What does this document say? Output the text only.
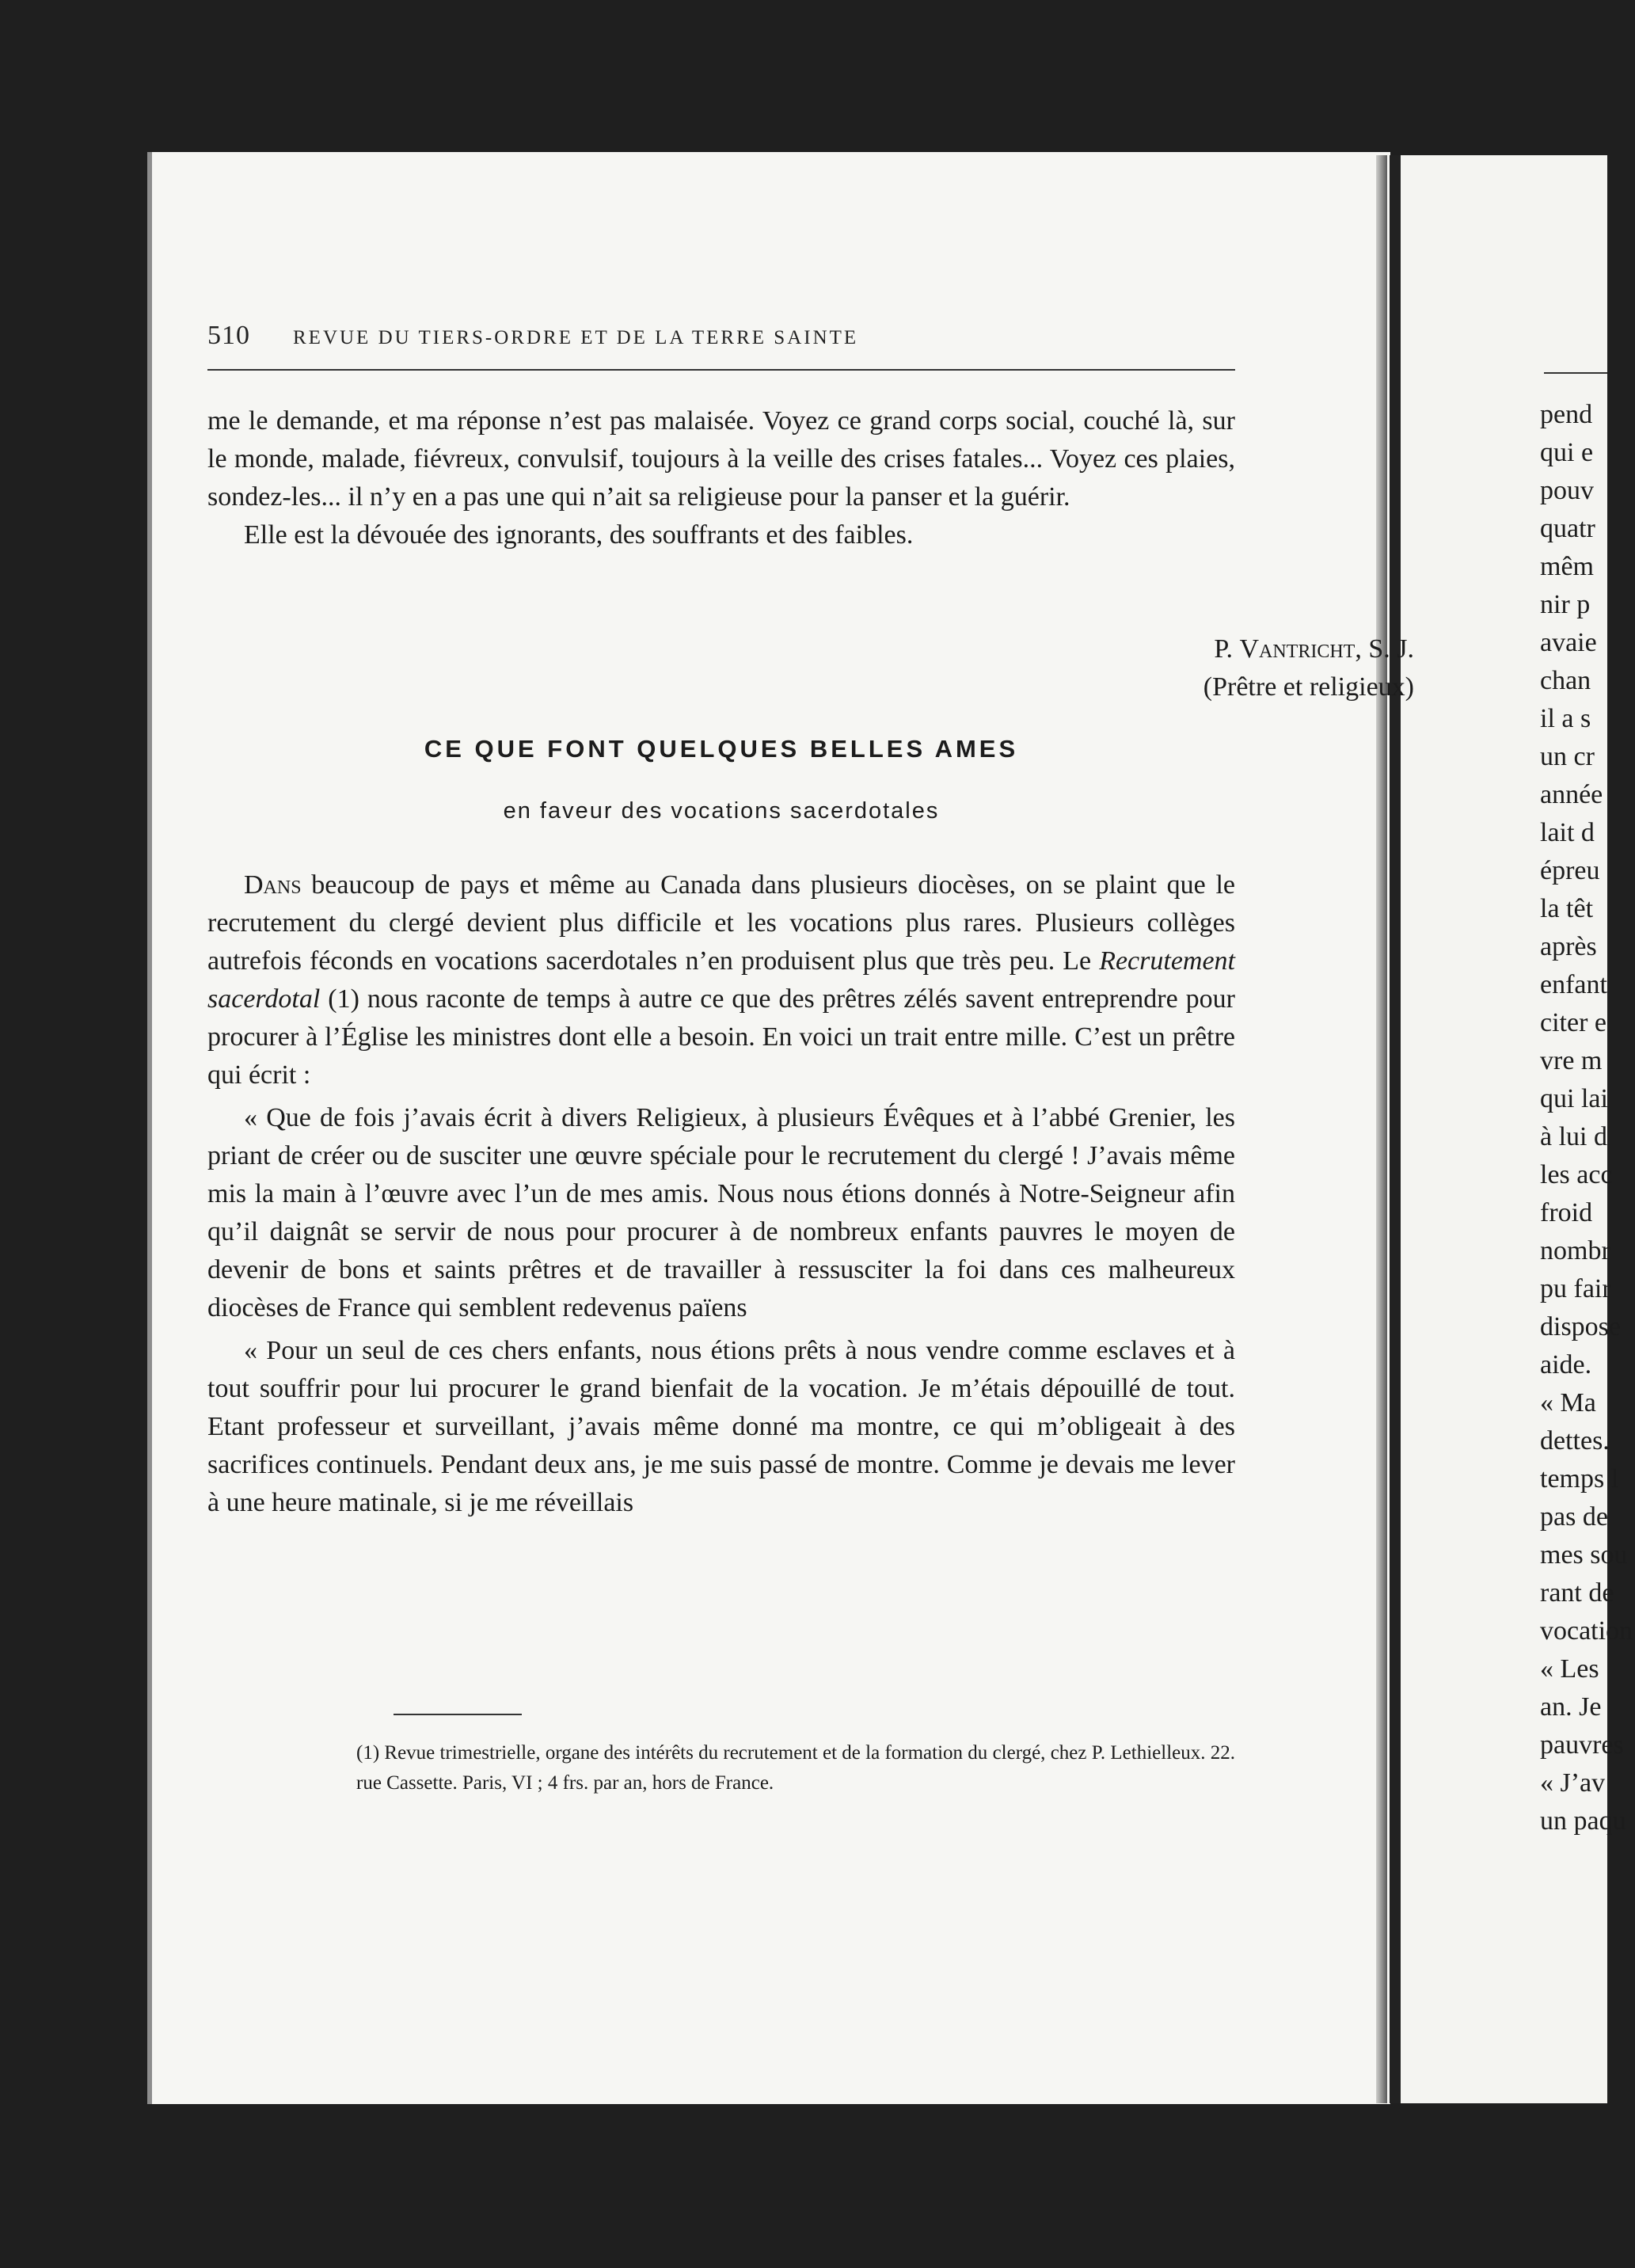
510 REVUE DU TIERS-ORDRE ET DE LA TERRE SAINTE

me le demande, et ma réponse n’est pas malaisée. Voyez ce grand corps social, couché là, sur le monde, malade, fiévreux, convulsif, toujours à la veille des crises fatales... Voyez ces plaies, sondez-les... il n’y en a pas une qui n’ait sa religieuse pour la panser et la guérir.

Elle est la dévouée des ignorants, des souffrants et des faibles.

P. Vantricht, S. J.
(Prêtre et religieux)
CE QUE FONT QUELQUES BELLES AMES
en faveur des vocations sacerdotales

Dans beaucoup de pays et même au Canada dans plusieurs diocèses, on se plaint que le recrutement du clergé devient plus difficile et les vocations plus rares. Plusieurs collèges autrefois féconds en vocations sacerdotales n’en produisent plus que très peu. Le Recrutement sacerdotal (1) nous raconte de temps à autre ce que des prêtres zélés savent entreprendre pour procurer à l’Église les ministres dont elle a besoin. En voici un trait entre mille. C’est un prêtre qui écrit :

« Que de fois j’avais écrit à divers Religieux, à plusieurs Évêques et à l’abbé Grenier, les priant de créer ou de susciter une œuvre spéciale pour le recrutement du clergé ! J’avais même mis la main à l’œuvre avec l’un de mes amis. Nous nous étions donnés à Notre-Seigneur afin qu’il daignât se servir de nous pour procurer à de nombreux enfants pauvres le moyen de devenir de bons et saints prêtres et de travailler à ressusciter la foi dans ces malheureux diocèses de France qui semblent redevenus païens

« Pour un seul de ces chers enfants, nous étions prêts à nous vendre comme esclaves et à tout souffrir pour lui procurer le grand bienfait de la vocation. Je m’étais dépouillé de tout. Etant professeur et surveillant, j’avais même donné ma montre, ce qui m’obligeait à des sacrifices continuels. Pendant deux ans, je me suis passé de montre. Comme je devais me lever à une heure matinale, si je me réveillais

(1) Revue trimestrielle, organe des intérêts du recrutement et de la formation du clergé, chez P. Lethielleux. 22. rue Cassette. Paris, VI ; 4 frs. par an, hors de France.
pend
qui e
pouv
quatr
mêm
nir p
avaie
chan
il a s
un cr
année
lait d
épreu
la têt
après
enfant
citer e
vre m
qui lai
à lui d
les acc
froid
nombr
pu fair
dispose
aide.
« Ma
dettes.
temps l
pas de
mes sou
rant de
vocation
« Les
an. Je
pauvres
« J’av
un paqu
